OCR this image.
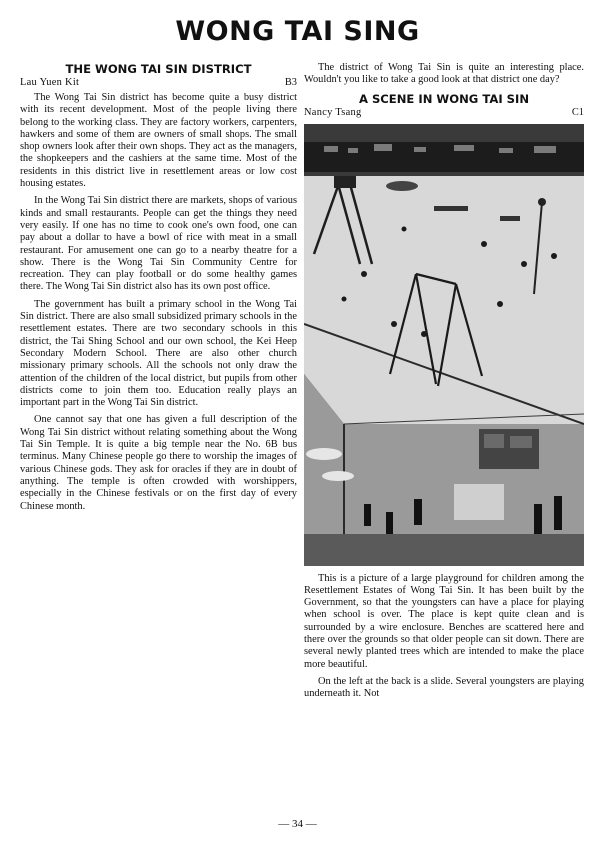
WONG TAI SING
THE WONG TAI SIN DISTRICT
Lau Yuen Kit	B3

The Wong Tai Sin district has become quite a busy district with its recent development. Most of the people living there belong to the working class. They are factory workers, carpenters, hawkers and some of them are owners of small shops. The small shop owners look after their own shops. They act as the managers, the shopkeepers and the cashiers at the same time. Most of the residents in this district live in resettlement areas or low cost housing estates.

In the Wong Tai Sin district there are markets, shops of various kinds and small restaurants. People can get the things they need very easily. If one has no time to cook one's own food, one can pay about a dollar to have a bowl of rice with meat in a small restaurant. For amusement one can go to a nearby theatre for a show. There is the Wong Tai Sin Community Centre for recreation. They can play football or do some healthy games there. The Wong Tai Sin district also has its own post office.

The government has built a primary school in the Wong Tai Sin district. There are also small subsidized primary schools in the resettlement estates. There are two secondary schools in this district, the Tai Shing School and our own school, the Kei Heep Secondary Modern School. There are also other church missionary primary schools. All the schools not only draw the attention of the children of the local district, but pupils from other districts come to join them too. Education really plays an important part in the Wong Tai Sin district.

One cannot say that one has given a full description of the Wong Tai Sin district without relating something about the Wong Tai Sin Temple. It is quite a big temple near the No. 6B bus terminus. Many Chinese people go there to worship the images of various Chinese gods. They ask for oracles if they are in doubt of anything. The temple is often crowded with worshippers, especially in the Chinese festivals or on the first day of every Chinese month.

The district of Wong Tai Sin is quite an interesting place. Wouldn't you like to take a good look at that district one day?

A SCENE IN WONG TAI SIN
Nancy Tsang	C1

This is a picture of a large playground for children among the Resettlement Estates of Wong Tai Sin. It has been built by the Government, so that the youngsters can have a place for playing when school is over. The place is kept quite clean and is surrounded by a wire enclosure. Benches are scattered here and there over the grounds so that older people can sit down. There are several newly planted trees which are intended to make the place more beautiful.

On the left at the back is a slide. Several youngsters are playing underneath it. Not

— 34 —
